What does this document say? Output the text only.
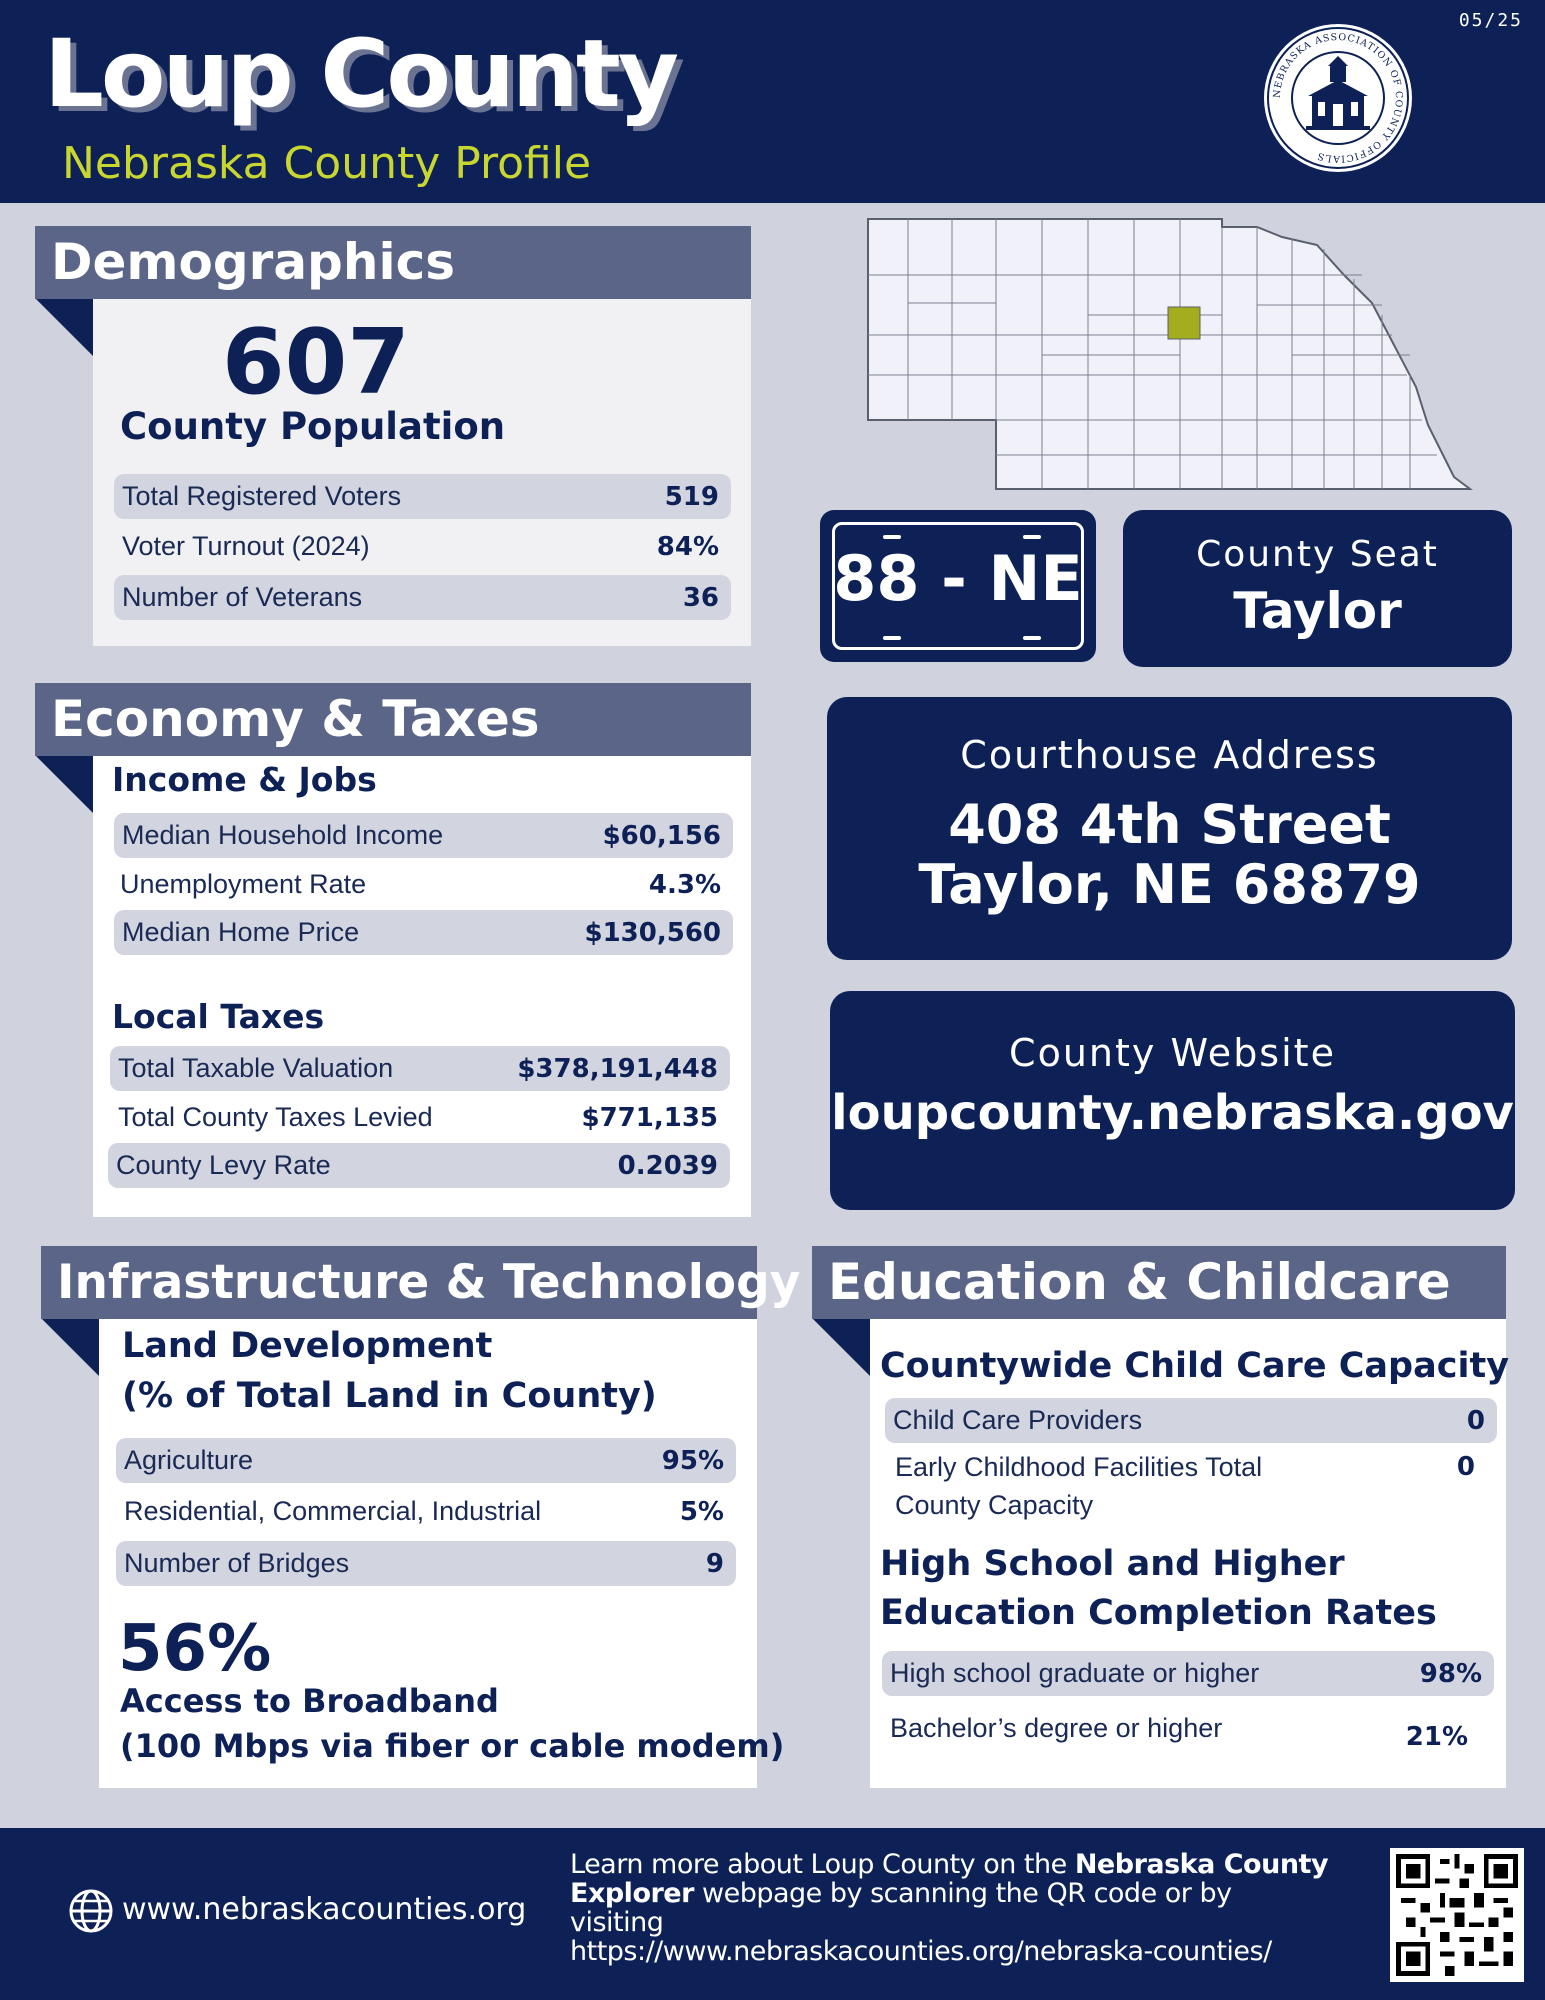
05/25
Loup County
Nebraska County Profile
NEBRASKA ASSOCIATION OF COUNTY OFFICIALS
Demographics
607
County Population
Total Registered Voters	519
Voter Turnout (2024)	84%
Number of Veterans	36
Economy & Taxes
Income & Jobs
Median Household Income	$60,156
Unemployment Rate	4.3%
Median Home Price	$130,560
Local Taxes
Total Taxable Valuation	$378,191,448
Total County Taxes Levied	$771,135
County Levy Rate	0.2039
Infrastructure & Technology
Land Development
(% of Total Land in County)
Agriculture	95%
Residential, Commercial, Industrial	5%
Number of Bridges	9
56%
Access to Broadband
(100 Mbps via fiber or cable modem)
88 - NE	County Seat
Taylor
Courthouse Address
408 4th Street
Taylor, NE 68879
County Website
loupcounty.nebraska.gov
Education & Childcare
Countywide Child Care Capacity
Child Care Providers	0
Early Childhood Facilities Total
County Capacity
0
High School and Higher
Education Completion Rates
High school graduate or higher	98%
Bachelor’s degree or higher	21%
www.nebraskacounties.org
Learn more about Loup County on the Nebraska County
Explorer webpage by scanning the QR code or by visiting
https://www.nebraskacounties.org/nebraska-counties/
